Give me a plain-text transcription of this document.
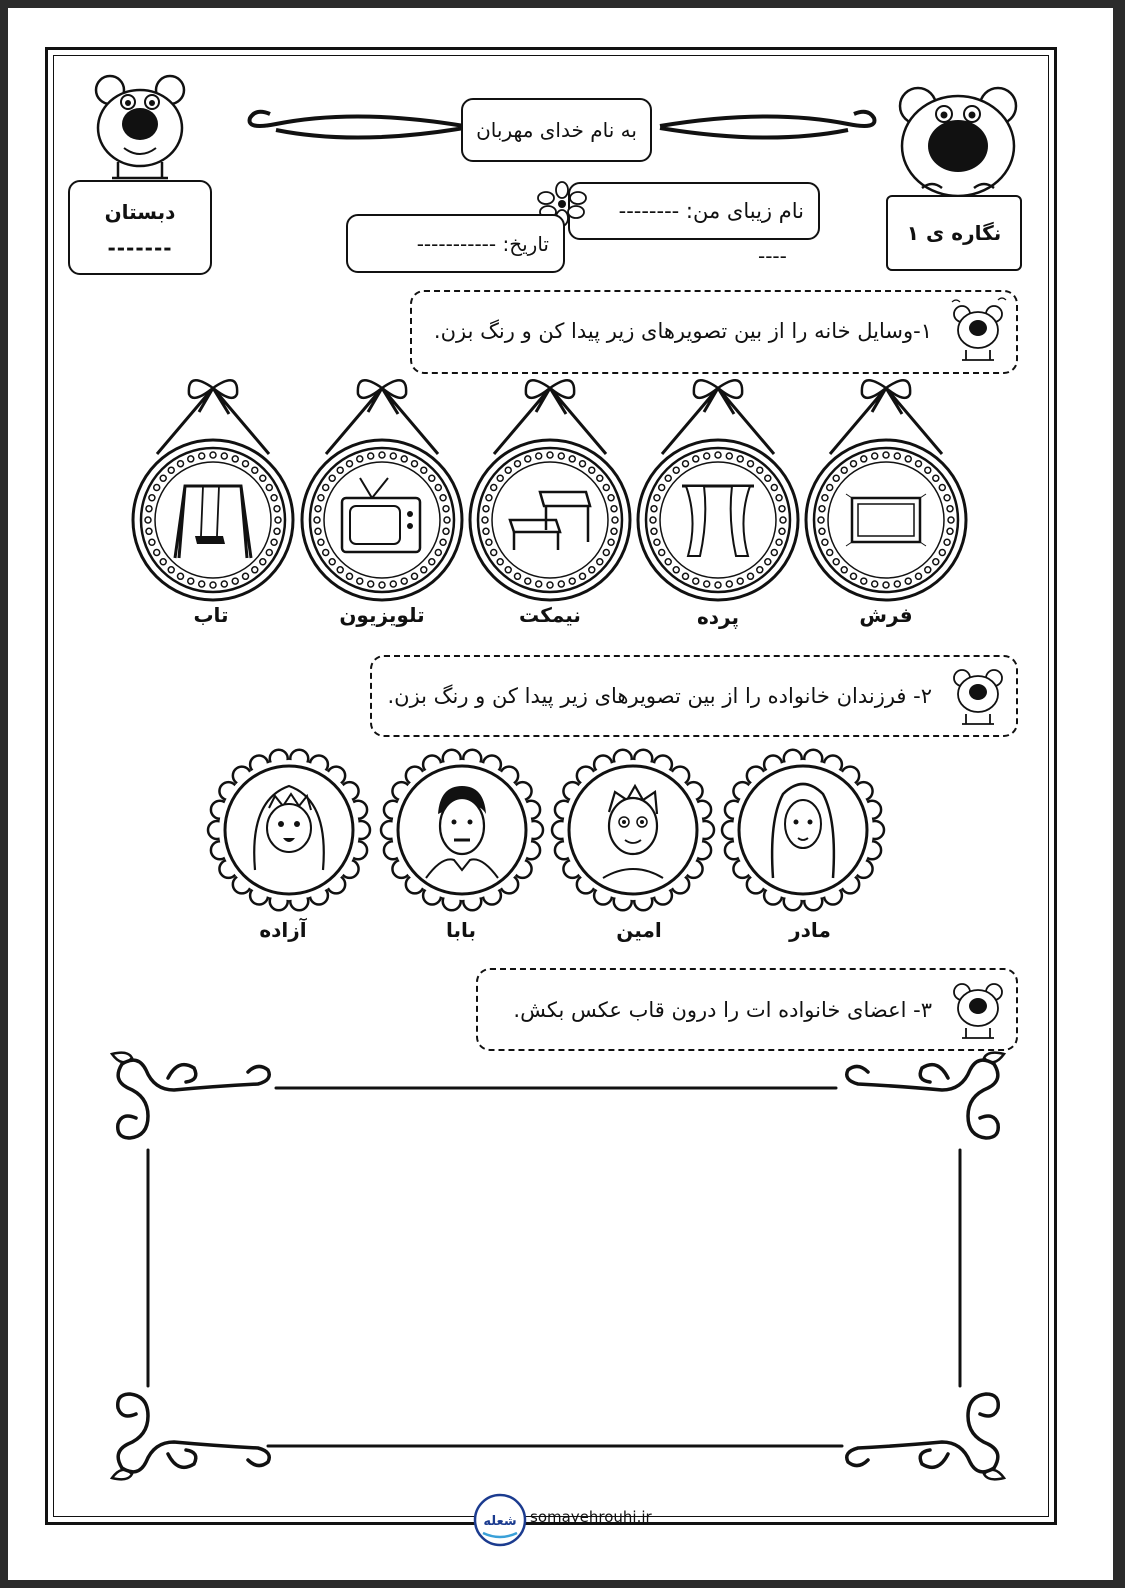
به نام خدای مهربان
دبستان
-------
نگاره ی ۱
نام زیبای من: --------
----
تاریخ: -----------
۱-وسایل خانه را از بین تصویرهای زیر پیدا کن و رنگ بزن.
فرش
پرده
نیمکت
تلویزیون
تاب
۲- فرزندان خانواده را از بین تصویرهای زیر پیدا کن و رنگ بزن.
مادر
امین
بابا
آزاده
۳- اعضای خانواده ات را درون قاب عکس بکش.
شعله somayehrouhi.ir
